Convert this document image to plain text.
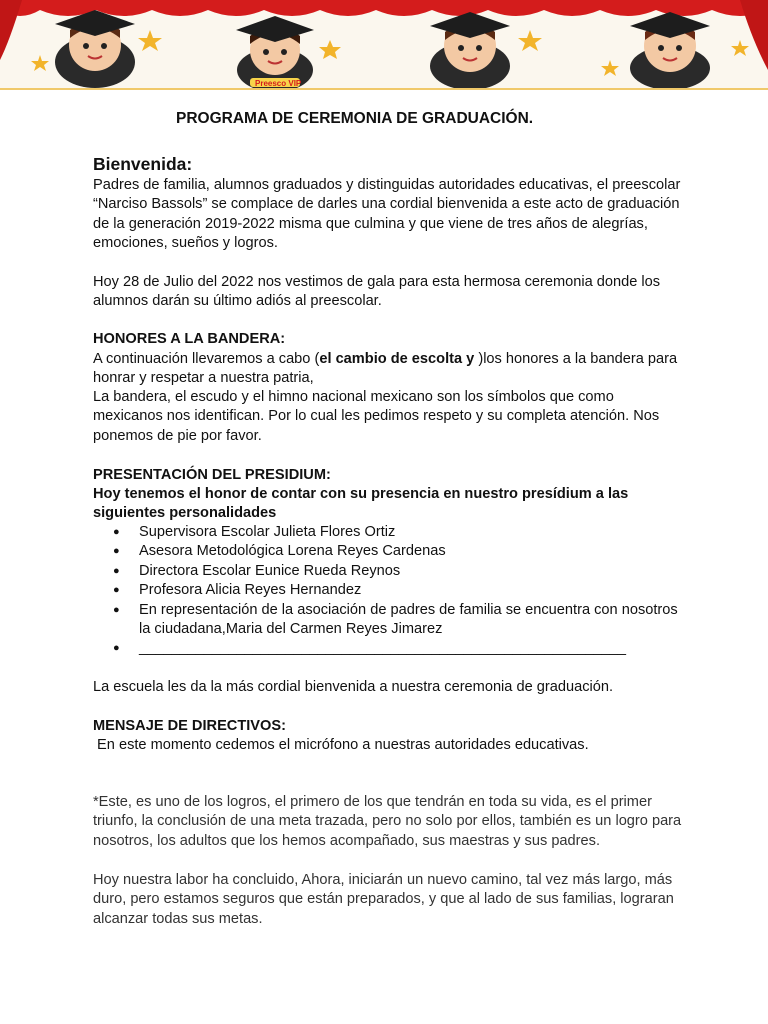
Preesco VIP
PROGRAMA DE CEREMONIA DE GRADUACIÓN.
Bienvenida:

Padres de familia, alumnos graduados y distinguidas autoridades educativas, el preescolar “Narciso Bassols” se complace de darles una cordial bienvenida a este acto de graduación de la generación 2019-2022 misma que culmina y que viene de tres años de alegrías, emociones, sueños y logros.

Hoy 28 de Julio del 2022 nos vestimos de gala para esta hermosa ceremonia donde los alumnos darán su último adiós al preescolar.

HONORES A LA BANDERA:

A continuación llevaremos a cabo (el cambio de escolta y )los honores a la bandera para honrar y respetar a nuestra patria,

La bandera, el escudo y el himno nacional mexicano son los símbolos que como mexicanos nos identifican. Por lo cual les pedimos respeto y su completa atención. Nos ponemos de pie por favor.

PRESENTACIÓN DEL PRESIDIUM:

Hoy tenemos el honor de contar con su presencia en nuestro presídium a las siguientes personalidades

● Supervisora Escolar Julieta Flores Ortiz
● Asesora Metodológica Lorena Reyes Cardenas
● Directora Escolar Eunice Rueda Reynos
● Profesora Alicia Reyes Hernandez
● En representación de la asociación de padres de familia se encuentra con nosotros la ciudadana,Maria del Carmen Reyes Jimarez
● ____________________________________________________________

La escuela les da la más cordial bienvenida a nuestra ceremonia de graduación.

MENSAJE DE DIRECTIVOS:

En este momento cedemos el micrófono a nuestras autoridades educativas.

*Este, es uno de los logros, el primero de los que tendrán en toda su vida, es el primer triunfo, la conclusión de una meta trazada, pero no solo por ellos, también es un logro para nosotros, los adultos que los hemos acompañado, sus maestras y sus padres.

Hoy nuestra labor ha concluido, Ahora, iniciarán un nuevo camino, tal vez más largo, más duro, pero estamos seguros que están preparados, y que al lado de sus familias, lograran alcanzar todas sus metas.
